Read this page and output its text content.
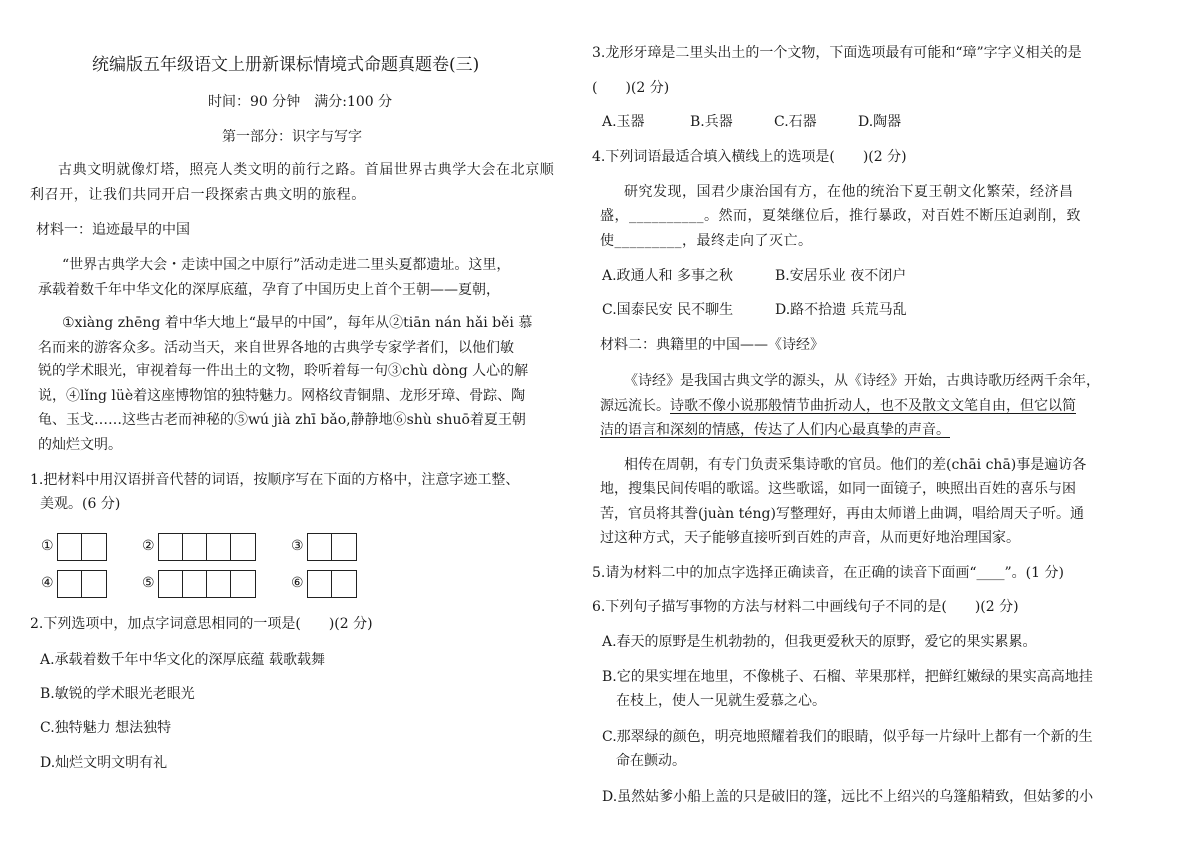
统编版五年级语文上册新课标情境式命题真题卷(三)
时间：90 分钟　满分:100 分
第一部分：识字与写字
古典文明就像灯塔，照亮人类文明的前行之路。首届世界古典学大会在北京顺
利召开，让我们共同开启一段探索古典文明的旅程。
材料一：追迹最早的中国
“世界古典学大会・走读中国之中原行”活动走进二里头夏都遗址。这里，
承载着数千年中华文化的深厚底蕴，孕育了中国历史上首个王朝——夏朝，
①xiàng zhēng 着中华大地上“最早的中国”，每年从②tiān nán hǎi běi 慕
名而来的游客众多。活动当天，来自世界各地的古典学专家学者们，以他们敏
锐的学术眼光，审视着每一件出土的文物，聆听着每一句③chù dòng 人心的解
说，④lǐng lüè着这座博物馆的独特魅力。网格纹青铜鼎、龙形牙璋、骨踪、陶
龟、玉戈……这些古老而神秘的⑤wú jià zhī bǎo,静静地⑥shù shuō着夏王朝
的灿烂文明。
1.把材料中用汉语拼音代替的词语，按顺序写在下面的方格中，注意字迹工整、
美观。(6 分)
①	②	③
④	⑤	⑥
2.下列选项中，加点字词意思相同的一项是(　　)(2 分)
A.承载着数千年中华文化的深厚底蕴 载歌载舞
B.敏锐的学术眼光老眼光
C.独特魅力 想法独特
D.灿烂文明文明有礼
3.龙形牙璋是二里头出土的一个文物，下面选项最有可能和“璋”字字义相关的是
(　　)(2 分)
A.玉器	B.兵器	C.石器	D.陶器
4.下列词语最适合填入横线上的选项是(　　)(2 分)
研究发现，国君少康治国有方，在他的统治下夏王朝文化繁荣，经济昌
盛，__________。然而，夏桀继位后，推行暴政，对百姓不断压迫剥削，致
使_________，最终走向了灭亡。
A.政通人和 多事之秋	B.安居乐业 夜不闭户
C.国泰民安 民不聊生	D.路不拾遗 兵荒马乱
材料二：典籍里的中国——《诗经》
《诗经》是我国古典文学的源头，从《诗经》开始，古典诗歌历经两千余年，
源远流长。诗歌不像小说那般情节曲折动人，也不及散文文笔自由，但它以简
洁的语言和深刻的情感，传达了人们内心最真挚的声音。
相传在周朝，有专门负责采集诗歌的官员。他们的差(chāi chā)事是遍访各
地，搜集民间传唱的歌谣。这些歌谣，如同一面镜子，映照出百姓的喜乐与困
苦，官员将其誊(juàn téng)写整理好，再由太师谱上曲调，唱给周天子听。通
过这种方式，天子能够直接听到百姓的声音，从而更好地治理国家。
5.请为材料二中的加点字选择正确读音，在正确的读音下面画“____”。(1 分)
6.下列句子描写事物的方法与材料二中画线句子不同的是(　　)(2 分)
A.春天的原野是生机勃勃的，但我更爱秋天的原野，爱它的果实累累。
B.它的果实埋在地里，不像桃子、石榴、苹果那样，把鲜红嫩绿的果实高高地挂
在枝上，使人一见就生爱慕之心。
C.那翠绿的颜色，明亮地照耀着我们的眼睛，似乎每一片绿叶上都有一个新的生
命在颤动。
D.虽然姑爹小船上盖的只是破旧的篷，远比不上绍兴的乌篷船精致，但姑爹的小
